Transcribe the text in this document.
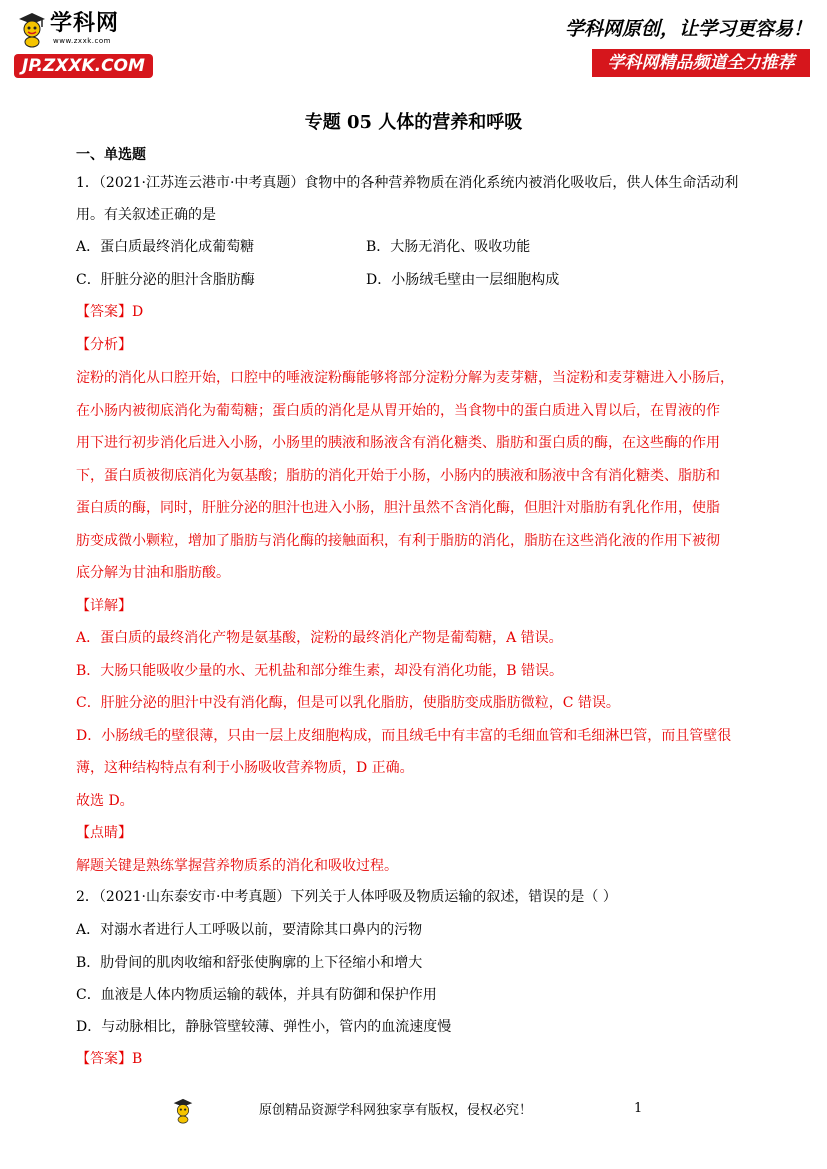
学科网
www.zxxk.com
JP.ZXXK.COM
学科网原创，让学习更容易！
学科网精品频道全力推荐
专题 05 人体的营养和呼吸
一、单选题
1．（2021·江苏连云港市·中考真题）食物中的各种营养物质在消化系统内被消化吸收后，供人体生命活动利
用。有关叙述正确的是
A．蛋白质最终消化成葡萄糖	B．大肠无消化、吸收功能
C．肝脏分泌的胆汁含脂肪酶	D．小肠绒毛壁由一层细胞构成
【答案】D
【分析】
淀粉的消化从口腔开始，口腔中的唾液淀粉酶能够将部分淀粉分解为麦芽糖，当淀粉和麦芽糖进入小肠后，
在小肠内被彻底消化为葡萄糖；蛋白质的消化是从胃开始的，当食物中的蛋白质进入胃以后，在胃液的作
用下进行初步消化后进入小肠，小肠里的胰液和肠液含有消化糖类、脂肪和蛋白质的酶，在这些酶的作用
下，蛋白质被彻底消化为氨基酸；脂肪的消化开始于小肠，小肠内的胰液和肠液中含有消化糖类、脂肪和
蛋白质的酶，同时，肝脏分泌的胆汁也进入小肠，胆汁虽然不含消化酶，但胆汁对脂肪有乳化作用，使脂
肪变成微小颗粒，增加了脂肪与消化酶的接触面积，有利于脂肪的消化，脂肪在这些消化液的作用下被彻
底分解为甘油和脂肪酸。
【详解】
A．蛋白质的最终消化产物是氨基酸，淀粉的最终消化产物是葡萄糖，A 错误。
B．大肠只能吸收少量的水、无机盐和部分维生素，却没有消化功能，B 错误。
C．肝脏分泌的胆汁中没有消化酶，但是可以乳化脂肪，使脂肪变成脂肪微粒，C 错误。
D．小肠绒毛的壁很薄，只由一层上皮细胞构成，而且绒毛中有丰富的毛细血管和毛细淋巴管，而且管壁很
薄，这种结构特点有利于小肠吸收营养物质，D 正确。
故选 D。
【点睛】
解题关键是熟练掌握营养物质系的消化和吸收过程。
2．（2021·山东泰安市·中考真题）下列关于人体呼吸及物质运输的叙述，错误的是（ ）
A．对溺水者进行人工呼吸以前，要清除其口鼻内的污物
B．肋骨间的肌肉收缩和舒张使胸廓的上下径缩小和增大
C．血液是人体内物质运输的载体，并具有防御和保护作用
D．与动脉相比，静脉管壁较薄、弹性小，管内的血流速度慢
【答案】B
原创精品资源学科网独家享有版权，侵权必究！	1
